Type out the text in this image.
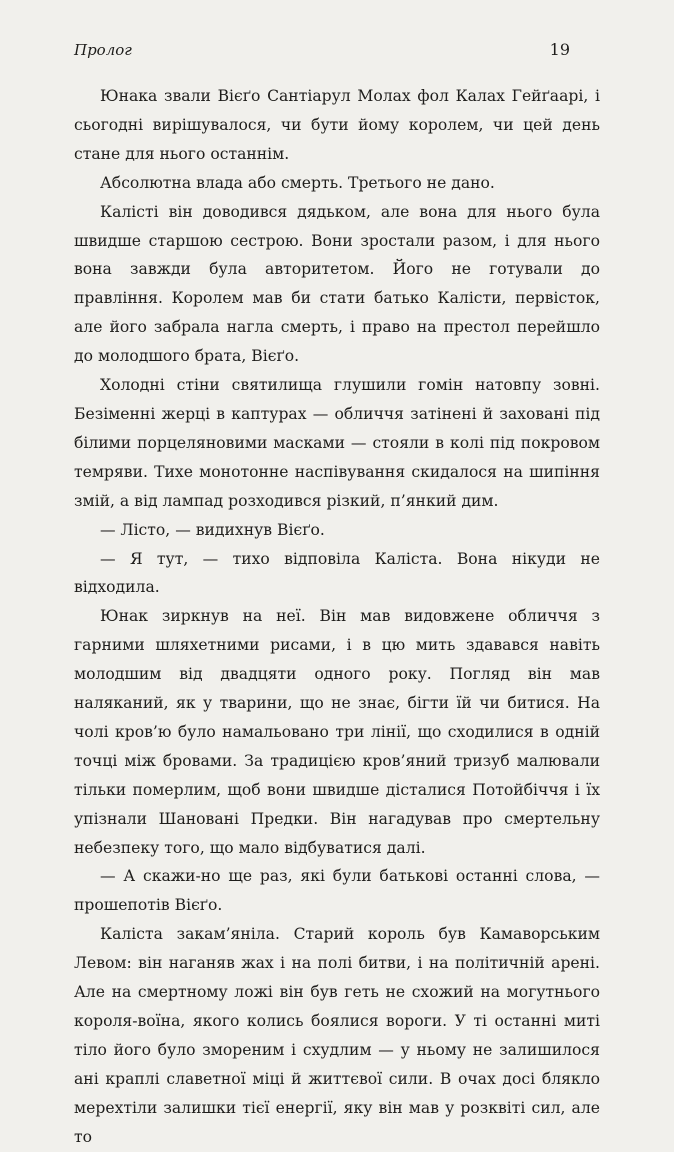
Пролог	19

Юнака звали Вієґо Сантіарул Молах фол Калах Гейґаарі, і сьогодні вирішувалося, чи бути йому королем, чи цей день стане для нього останнім.

Абсолютна влада або смерть. Третього не дано.

Калісті він доводився дядьком, але вона для нього була швидше старшою сестрою. Вони зростали разом, і для нього вона завжди була авторитетом. Його не готували до правління. Королем мав би стати батько Калісти, первісток, але його забрала нагла смерть, і право на престол перейшло до молодшого брата, Вієґо.

Холодні стіни святилища глушили гомін натовпу зовні. Безіменні жерці в каптурах — обличчя затінені й заховані під білими порцеляновими масками — стояли в колі під покровом темряви. Тихе монотонне наспівування скидалося на шипіння змій, а від лампад розходився різкий, п’янкий дим.

— Лісто, — видихнув Вієґо.

— Я тут, — тихо відповіла Каліста. Вона нікуди не відходила.

Юнак зиркнув на неї. Він мав видовжене обличчя з гарними шляхетними рисами, і в цю мить здавався навіть молодшим від двадцяти одного року. Погляд він мав наляканий, як у тварини, що не знає, бігти їй чи битися. На чолі кров’ю було намальовано три лінії, що сходилися в одній точці між бровами. За традицією кров’яний тризуб малювали тільки померлим, щоб вони швидше дісталися Потойбіччя і їх упізнали Шановані Предки. Він нагадував про смертельну небезпеку того, що мало відбуватися далі.

— А скажи-но ще раз, які були батькові останні слова, — прошепотів Вієґо.

Каліста закам’яніла. Старий король був Камаворським Левом: він наганяв жах і на полі битви, і на політичній арені. Але на смертному ложі він був геть не схожий на могутнього короля-воїна, якого колись боялися вороги. У ті останні миті тіло його було змореним і схудлим — у ньому не залишилося ані краплі славетної міці й життєвої сили. В очах досі блякло мерехтіли залишки тієї енергії, яку він мав у розквіті сил, але то
